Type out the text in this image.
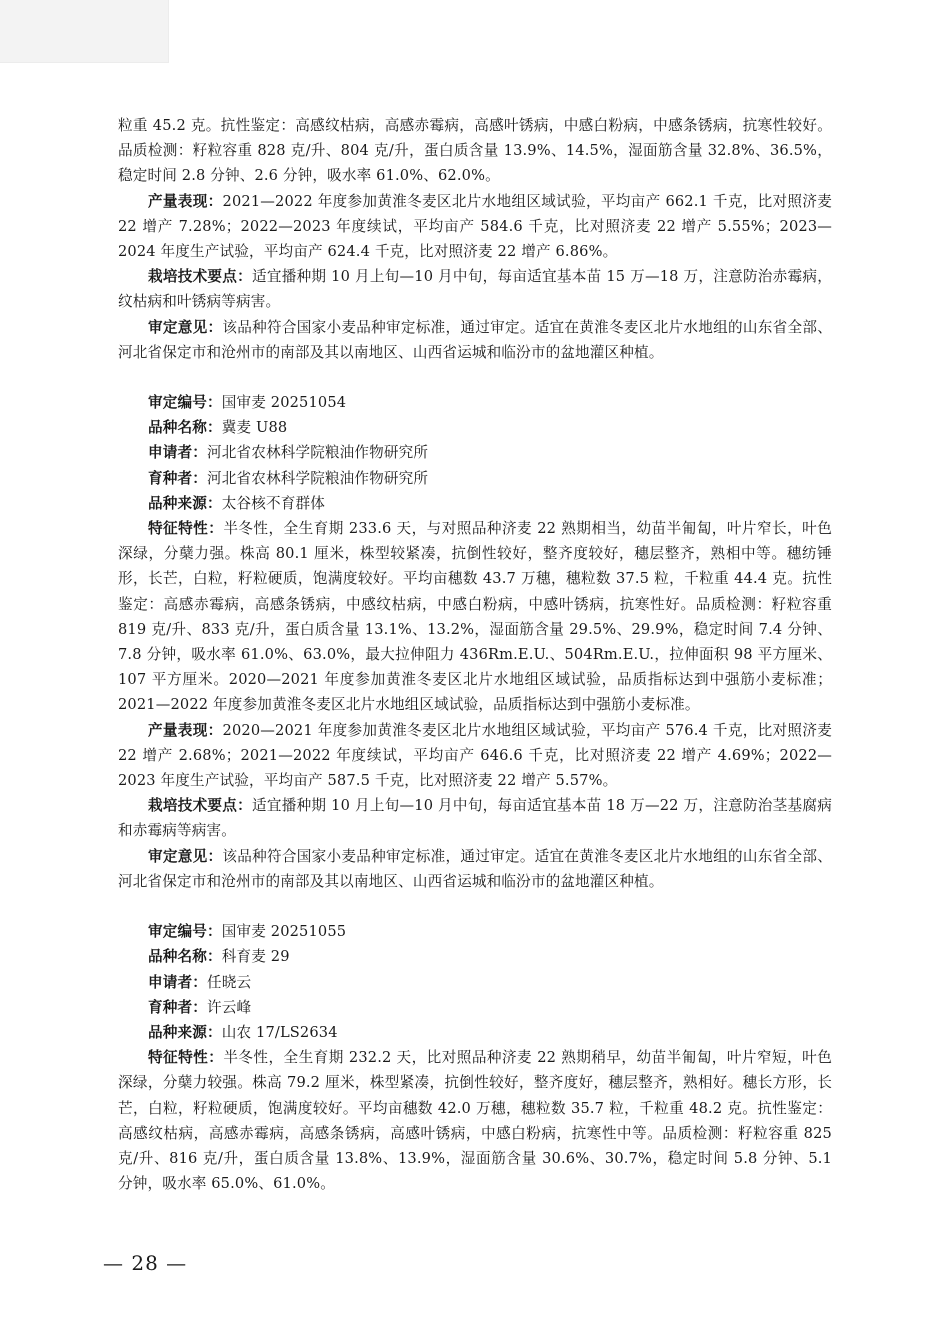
粒重 45.2 克。抗性鉴定：高感纹枯病，高感赤霉病，高感叶锈病，中感白粉病，中感条锈病，抗寒性较好。品质检测：籽粒容重 828 克/升、804 克/升，蛋白质含量 13.9%、14.5%，湿面筋含量 32.8%、36.5%，稳定时间 2.8 分钟、2.6 分钟，吸水率 61.0%、62.0%。

产量表现：2021—2022 年度参加黄淮冬麦区北片水地组区域试验，平均亩产 662.1 千克，比对照济麦 22 增产 7.28%；2022—2023 年度续试，平均亩产 584.6 千克，比对照济麦 22 增产 5.55%；2023—2024 年度生产试验，平均亩产 624.4 千克，比对照济麦 22 增产 6.86%。

栽培技术要点：适宜播种期 10 月上旬—10 月中旬，每亩适宜基本苗 15 万—18 万，注意防治赤霉病，纹枯病和叶锈病等病害。

审定意见：该品种符合国家小麦品种审定标准，通过审定。适宜在黄淮冬麦区北片水地组的山东省全部、河北省保定市和沧州市的南部及其以南地区、山西省运城和临汾市的盆地灌区种植。

审定编号：国审麦 20251054

品种名称：冀麦 U88

申请者：河北省农林科学院粮油作物研究所

育种者：河北省农林科学院粮油作物研究所

品种来源：太谷核不育群体

特征特性：半冬性，全生育期 233.6 天，与对照品种济麦 22 熟期相当，幼苗半匍匐，叶片窄长，叶色深绿，分蘖力强。株高 80.1 厘米，株型较紧凑，抗倒性较好，整齐度较好，穗层整齐，熟相中等。穗纺锤形，长芒，白粒，籽粒硬质，饱满度较好。平均亩穗数 43.7 万穗，穗粒数 37.5 粒，千粒重 44.4 克。抗性鉴定：高感赤霉病，高感条锈病，中感纹枯病，中感白粉病，中感叶锈病，抗寒性好。品质检测：籽粒容重 819 克/升、833 克/升，蛋白质含量 13.1%、13.2%，湿面筋含量 29.5%、29.9%，稳定时间 7.4 分钟、7.8 分钟，吸水率 61.0%、63.0%，最大拉伸阻力 436Rm.E.U.、504Rm.E.U.，拉伸面积 98 平方厘米、107 平方厘米。2020—2021 年度参加黄淮冬麦区北片水地组区域试验，品质指标达到中强筋小麦标准；2021—2022 年度参加黄淮冬麦区北片水地组区域试验，品质指标达到中强筋小麦标准。

产量表现：2020—2021 年度参加黄淮冬麦区北片水地组区域试验，平均亩产 576.4 千克，比对照济麦 22 增产 2.68%；2021—2022 年度续试，平均亩产 646.6 千克，比对照济麦 22 增产 4.69%；2022—2023 年度生产试验，平均亩产 587.5 千克，比对照济麦 22 增产 5.57%。

栽培技术要点：适宜播种期 10 月上旬—10 月中旬，每亩适宜基本苗 18 万—22 万，注意防治茎基腐病和赤霉病等病害。

审定意见：该品种符合国家小麦品种审定标准，通过审定。适宜在黄淮冬麦区北片水地组的山东省全部、河北省保定市和沧州市的南部及其以南地区、山西省运城和临汾市的盆地灌区种植。

审定编号：国审麦 20251055

品种名称：科育麦 29

申请者：任晓云

育种者：许云峰

品种来源：山农 17/LS2634

特征特性：半冬性，全生育期 232.2 天，比对照品种济麦 22 熟期稍早，幼苗半匍匐，叶片窄短，叶色深绿，分蘖力较强。株高 79.2 厘米，株型紧凑，抗倒性较好，整齐度好，穗层整齐，熟相好。穗长方形，长芒，白粒，籽粒硬质，饱满度较好。平均亩穗数 42.0 万穗，穗粒数 35.7 粒，千粒重 48.2 克。抗性鉴定：高感纹枯病，高感赤霉病，高感条锈病，高感叶锈病，中感白粉病，抗寒性中等。品质检测：籽粒容重 825 克/升、816 克/升，蛋白质含量 13.8%、13.9%，湿面筋含量 30.6%、30.7%，稳定时间 5.8 分钟、5.1 分钟，吸水率 65.0%、61.0%。

— 28 —
